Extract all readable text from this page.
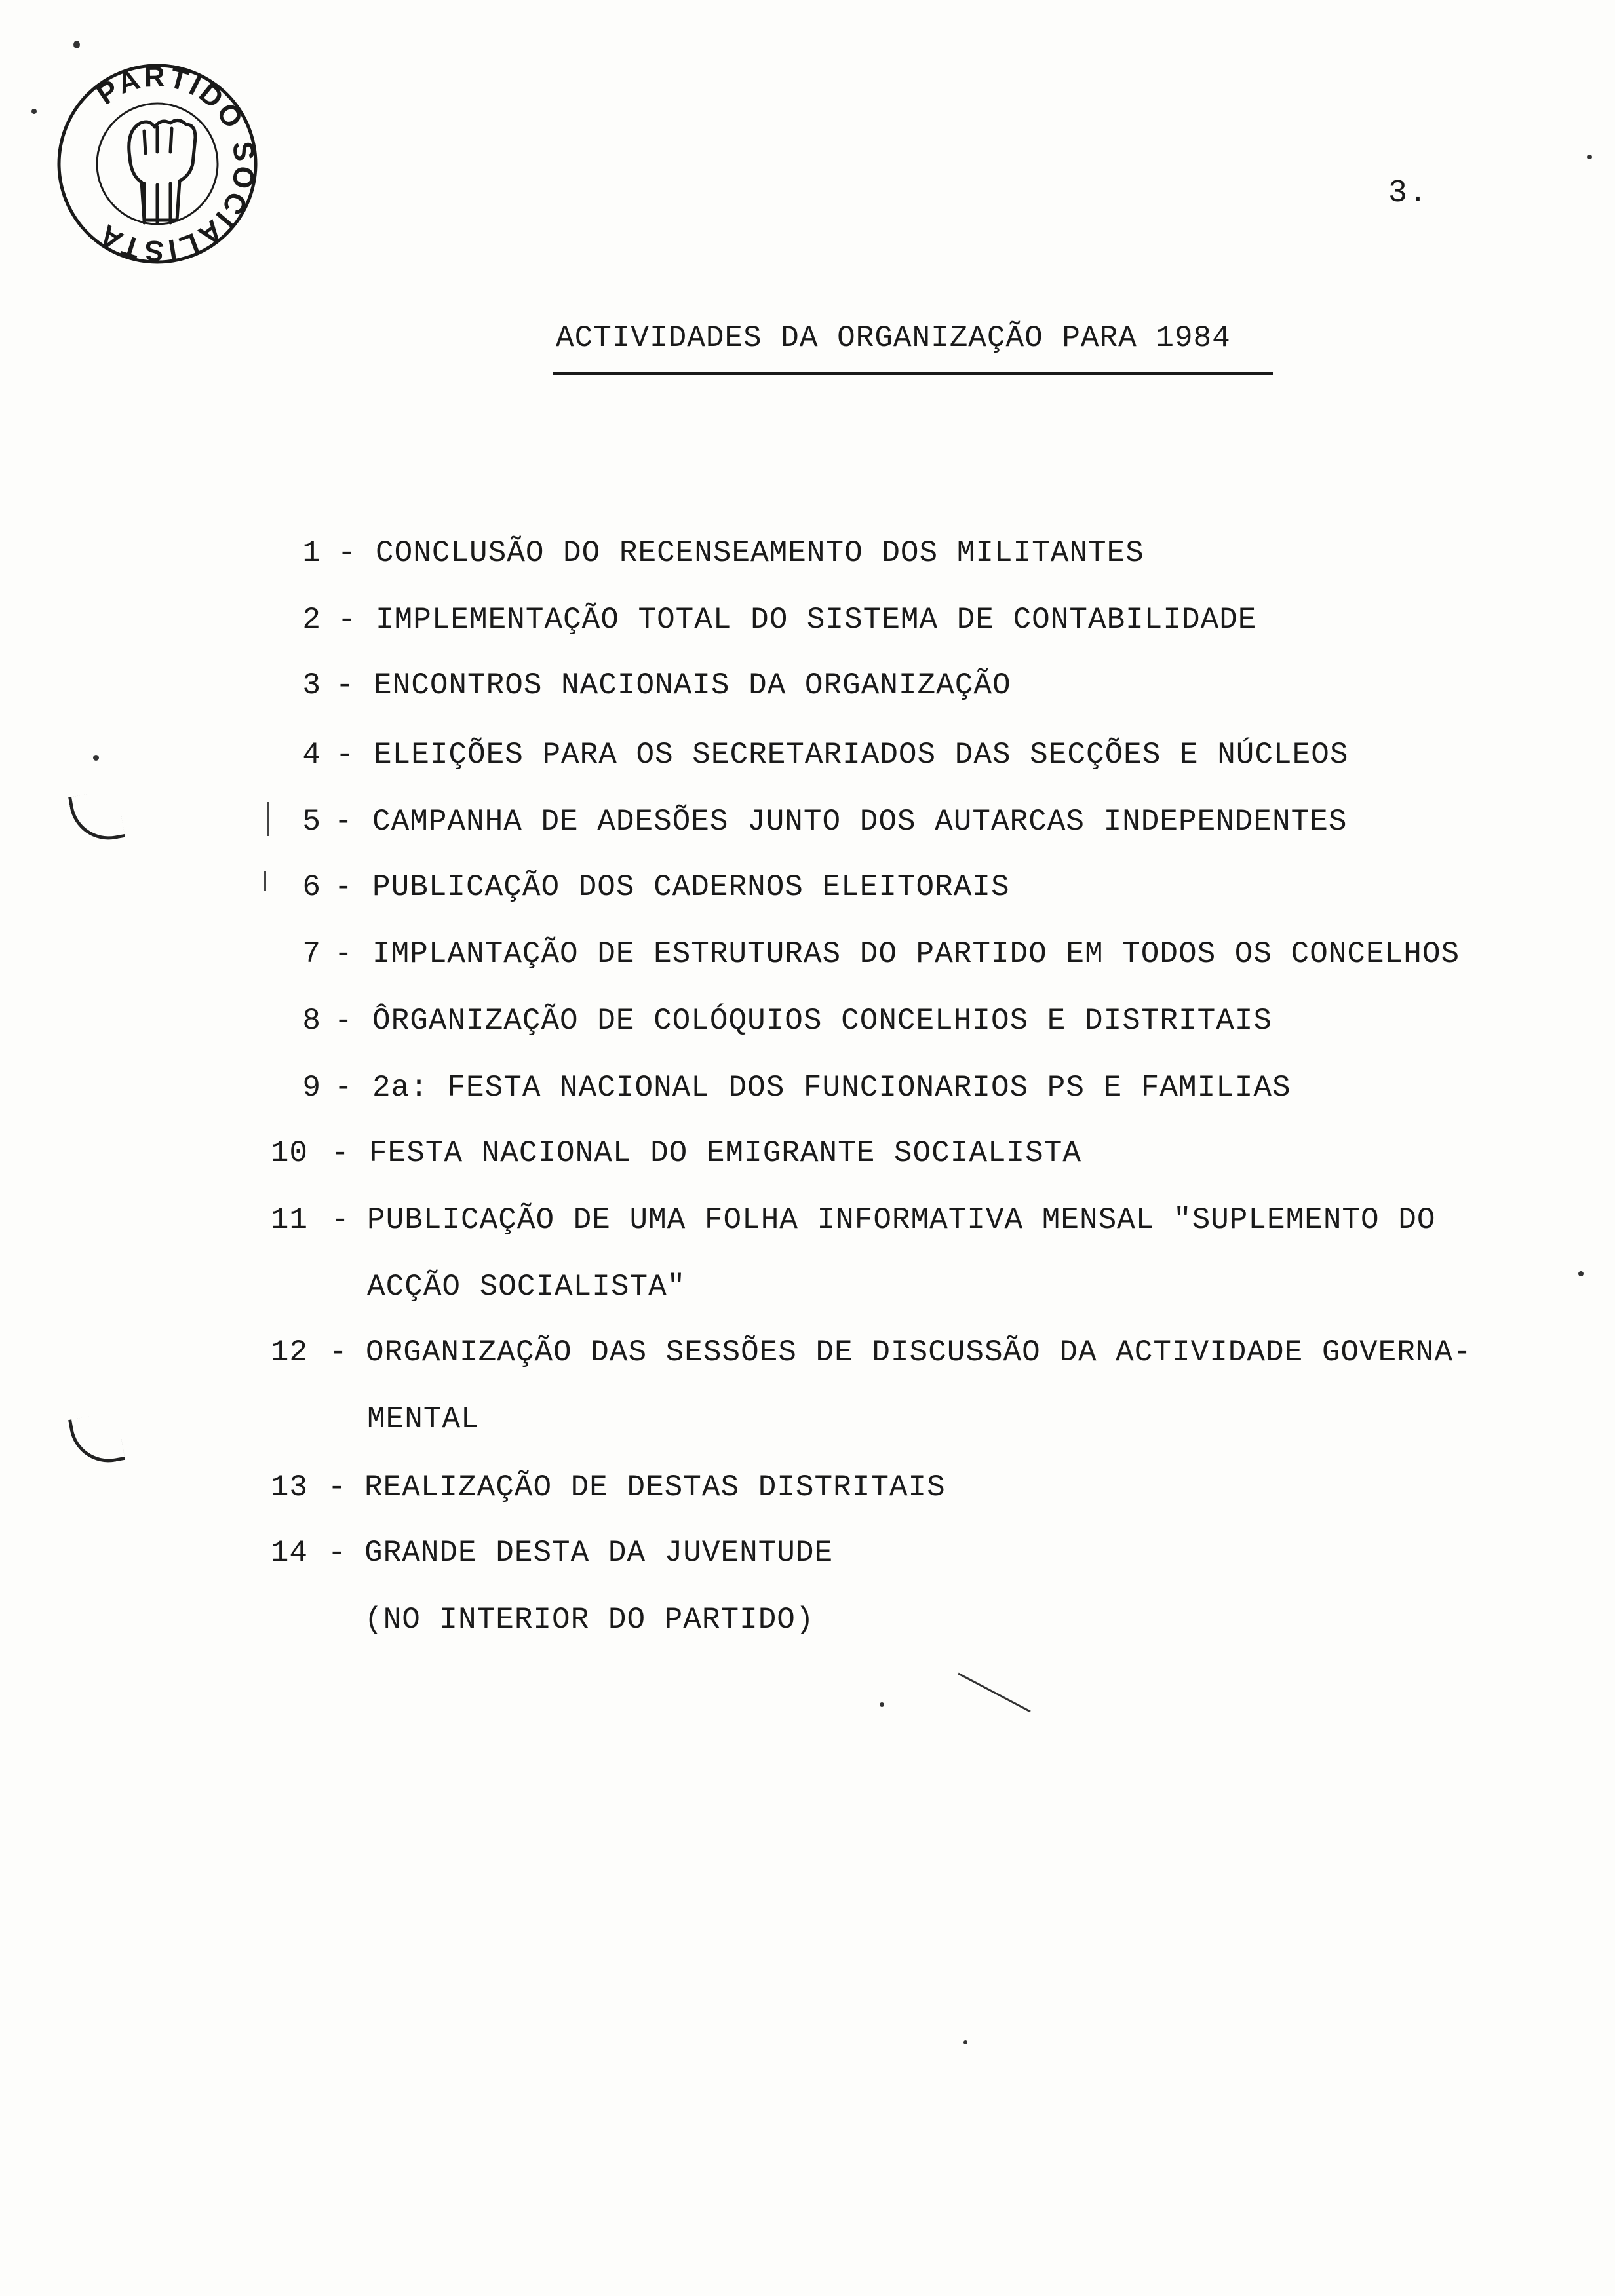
PARTIDO SOCIALISTA
3.
ACTIVIDADES DA ORGANIZAÇÃO PARA 1984
1 - CONCLUSÃO DO RECENSEAMENTO DOS MILITANTES
2 - IMPLEMENTAÇÃO TOTAL DO SISTEMA DE CONTABILIDADE
3 - ENCONTROS NACIONAIS DA ORGANIZAÇÃO
4 - ELEIÇÕES PARA OS SECRETARIADOS DAS SECÇÕES E NÚCLEOS
5 - CAMPANHA DE ADESÕES JUNTO DOS AUTARCAS INDEPENDENTES
6 - PUBLICAÇÃO DOS CADERNOS ELEITORAIS
7 - IMPLANTAÇÃO DE ESTRUTURAS DO PARTIDO EM TODOS OS CONCELHOS
8 - ÔRGANIZAÇÃO DE COLÓQUIOS CONCELHIOS E DISTRITAIS
9 - 2a: FESTA NACIONAL DOS FUNCIONARIOS PS E FAMILIAS
10 - FESTA NACIONAL DO EMIGRANTE SOCIALISTA
11 - PUBLICAÇÃO DE UMA FOLHA INFORMATIVA MENSAL "SUPLEMENTO DO
ACÇÃO SOCIALISTA"
12 - ORGANIZAÇÃO DAS SESSÕES DE DISCUSSÃO DA ACTIVIDADE GOVERNA-
MENTAL
13 - REALIZAÇÃO DE DESTAS DISTRITAIS
14 - GRANDE DESTA DA JUVENTUDE
(NO INTERIOR DO PARTIDO)
